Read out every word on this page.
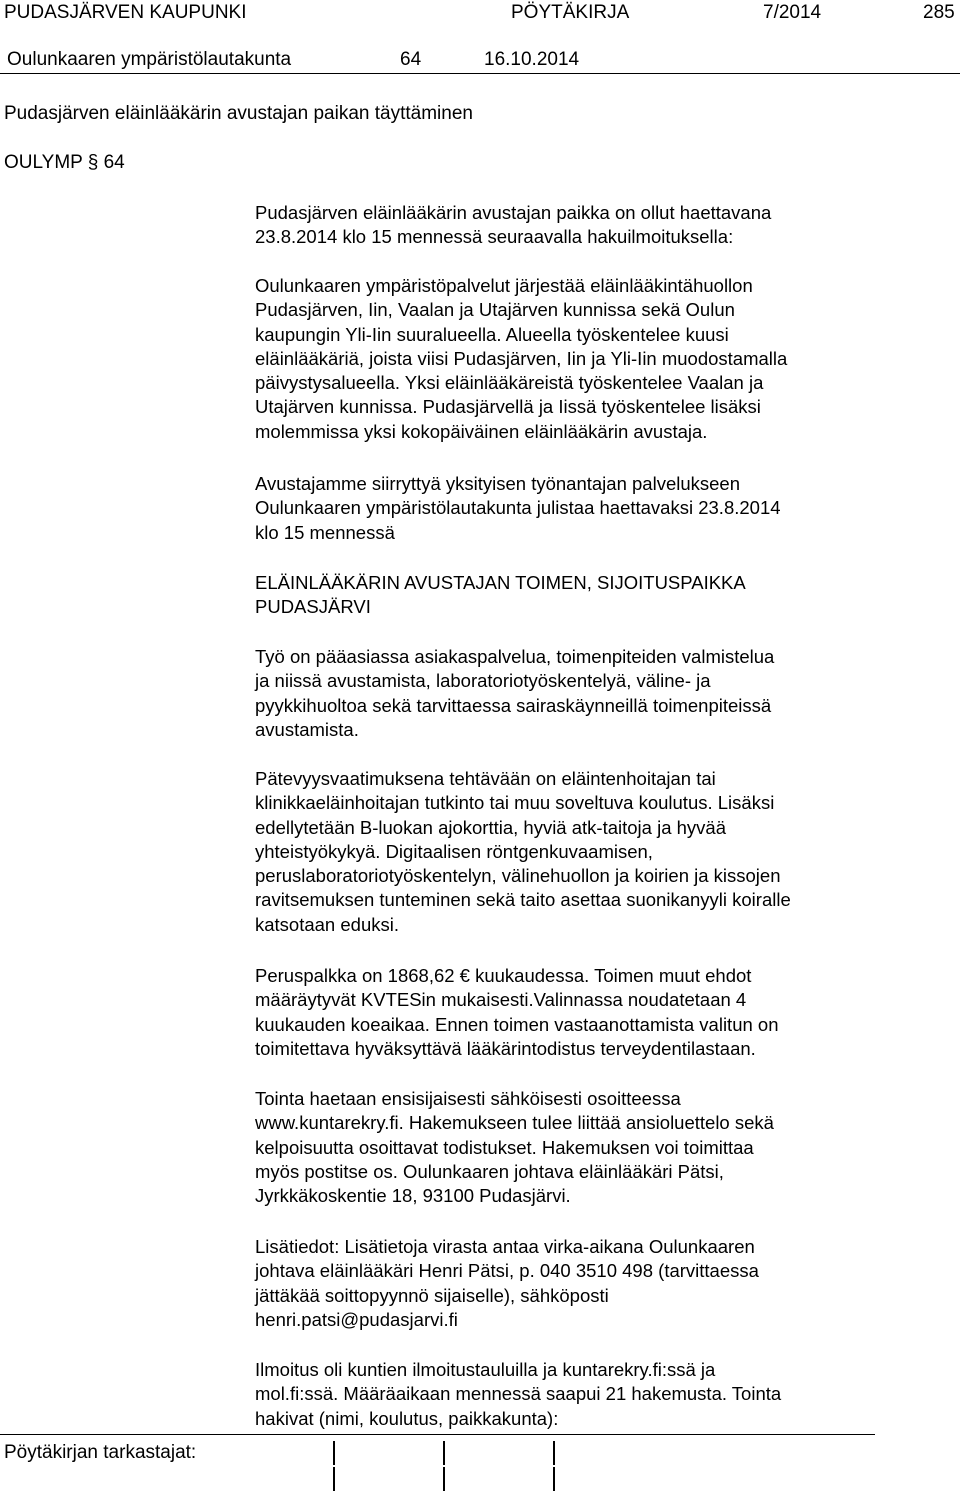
PUDASJÄRVEN KAUPUNKI	PÖYTÄKIRJA	7/2014	285
Oulunkaaren ympäristölautakunta	64	16.10.2014
Pudasjärven eläinlääkärin avustajan paikan täyttäminen
OULYMP § 64

Pudasjärven eläinlääkärin avustajan paikka on ollut haettavana

23.8.2014 klo 15 mennessä seuraavalla hakuilmoituksella:

Oulunkaaren ympäristöpalvelut järjestää eläinlääkintähuollon

Pudasjärven, Iin, Vaalan ja Utajärven kunnissa sekä Oulun

kaupungin Yli-Iin suuralueella. Alueella työskentelee kuusi

eläinlääkäriä, joista viisi Pudasjärven, Iin ja Yli-Iin muodostamalla

päivystysalueella. Yksi eläinlääkäreistä työskentelee Vaalan ja

Utajärven kunnissa. Pudasjärvellä ja Iissä työskentelee lisäksi

molemmissa yksi kokopäiväinen eläinlääkärin avustaja.

Avustajamme siirryttyä yksityisen työnantajan palvelukseen

Oulunkaaren ympäristölautakunta julistaa haettavaksi 23.8.2014

klo 15 mennessä

ELÄINLÄÄKÄRIN AVUSTAJAN TOIMEN, SIJOITUSPAIKKA

PUDASJÄRVI

Työ on pääasiassa asiakaspalvelua, toimenpiteiden valmistelua

ja niissä avustamista, laboratoriotyöskentelyä, väline- ja

pyykkihuoltoa sekä tarvittaessa sairaskäynneillä toimenpiteissä

avustamista.

Pätevyysvaatimuksena tehtävään on eläintenhoitajan tai

klinikkaeläinhoitajan tutkinto tai muu soveltuva koulutus. Lisäksi

edellytetään B-luokan ajokorttia, hyviä atk-taitoja ja hyvää

yhteistyökykyä. Digitaalisen röntgenkuvaamisen,

peruslaboratoriotyöskentelyn, välinehuollon ja koirien ja kissojen

ravitsemuksen tunteminen sekä taito asettaa suonikanyyli koiralle

katsotaan eduksi.

Peruspalkka on 1868,62 € kuukaudessa. Toimen muut ehdot

määräytyvät KVTESin mukaisesti.Valinnassa noudatetaan 4

kuukauden koeaikaa. Ennen toimen vastaanottamista valitun on

toimitettava hyväksyttävä lääkärintodistus terveydentilastaan.

Tointa haetaan ensisijaisesti sähköisesti osoitteessa

www.kuntarekry.fi. Hakemukseen tulee liittää ansioluettelo sekä

kelpoisuutta osoittavat todistukset. Hakemuksen voi toimittaa

myös postitse os. Oulunkaaren johtava eläinlääkäri Pätsi,

Jyrkkäkoskentie 18, 93100 Pudasjärvi.

Lisätiedot: Lisätietoja virasta antaa virka-aikana Oulunkaaren

johtava eläinlääkäri Henri Pätsi, p. 040 3510 498 (tarvittaessa

jättäkää soittopyynnö sijaiselle), sähköposti

henri.patsi@pudasjarvi.fi

Ilmoitus oli kuntien ilmoitustauluilla ja kuntarekry.fi:ssä ja

mol.fi:ssä. Määräaikaan mennessä saapui 21 hakemusta. Tointa

hakivat (nimi, koulutus, paikkakunta):

Pöytäkirjan tarkastajat:
